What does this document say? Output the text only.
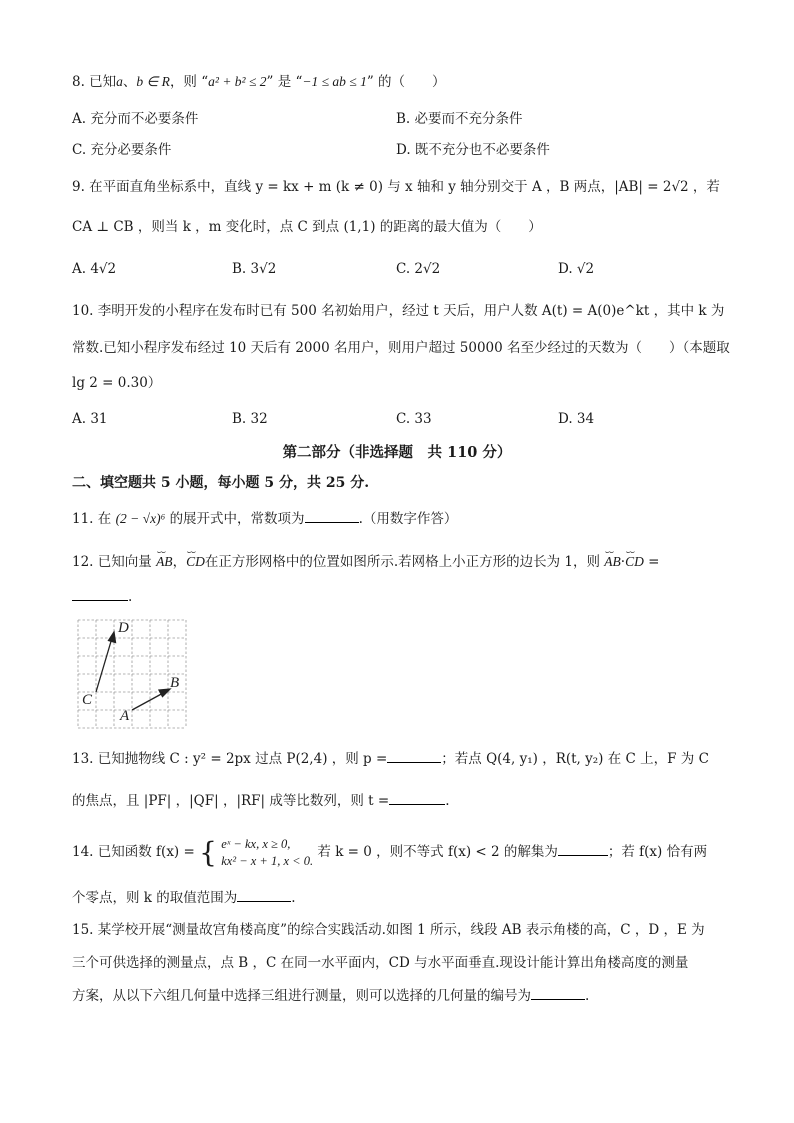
8. 已知a、b ∈ R，则 “a² + b² ≤ 2” 是 “−1 ≤ ab ≤ 1” 的（　　）
A. 充分而不必要条件	B. 必要而不充分条件
C. 充分必要条件	D. 既不充分也不必要条件
9. 在平面直角坐标系中，直线 y = kx + m (k ≠ 0) 与 x 轴和 y 轴分别交于 A ，B 两点，|AB| = 2√2 ，若
CA ⊥ CB ，则当 k ，m 变化时，点 C 到点 (1,1) 的距离的最大值为（　　）
A. 4√2	B. 3√2	C. 2√2	D. √2
10. 李明开发的小程序在发布时已有 500 名初始用户，经过 t 天后，用户人数 A(t) = A(0)e^kt ，其中 k 为
常数.已知小程序发布经过 10 天后有 2000 名用户，则用户超过 50000 名至少经过的天数为（　　）（本题取
lg 2 = 0.30）
A. 31	B. 32	C. 33	D. 34
第二部分（非选择题　共 110 分）
二、填空题共 5 小题，每小题 5 分，共 25 分.
11. 在 (2 − √x)⁶ 的展开式中，常数项为	.（用数字作答）
12. 已知向量 ⌣⌣ AB，⌣⌣ CD在正方形网格中的位置如图所示.若网格上小正方形的边长为 1，则 ⌣⌣ AB·⌣⌣ CD =
.
D
C
B
A
13. 已知抛物线 C : y² = 2px 过点 P(2,4) ，则 p =	；若点 Q(4, y₁) ，R(t, y₂) 在 C 上，F 为 C
的焦点，且 |PF| ，|QF| ，|RF| 成等比数列，则 t =	.
14. 已知函数 f(x) = { eˣ − kx, x ≥ 0,
kx² − x + 1, x < 0.
若 k = 0 ，则不等式 f(x) < 2 的解集为	；若 f(x) 恰有两
个零点，则 k 的取值范围为	.
15. 某学校开展“测量故宫角楼高度”的综合实践活动.如图 1 所示，线段 AB 表示角楼的高，C ，D ，E 为
三个可供选择的测量点，点 B ，C 在同一水平面内，CD 与水平面垂直.现设计能计算出角楼高度的测量
方案，从以下六组几何量中选择三组进行测量，则可以选择的几何量的编号为	.
